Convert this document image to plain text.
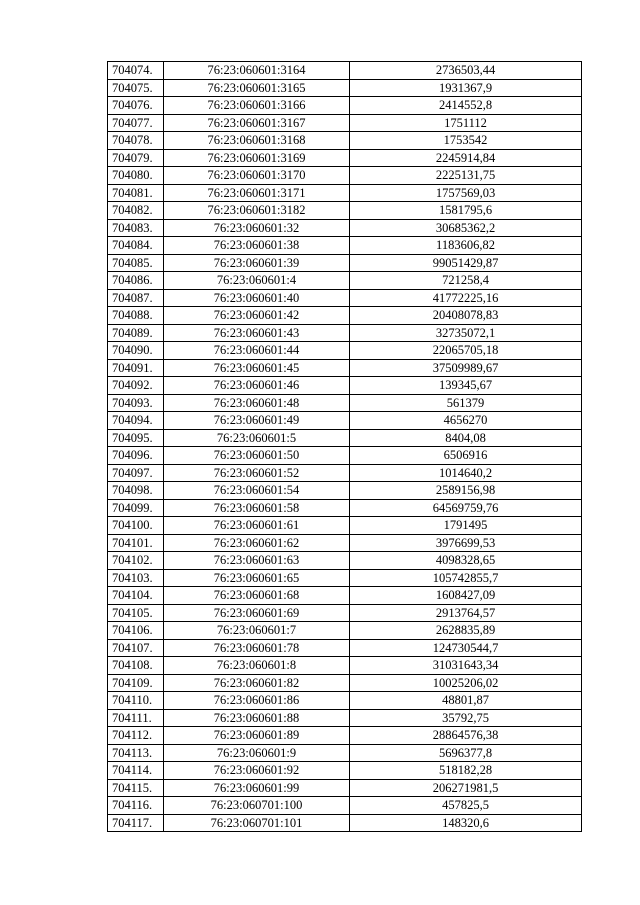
704074.	76:23:060601:3164	2736503,44
704075.	76:23:060601:3165	1931367,9
704076.	76:23:060601:3166	2414552,8
704077.	76:23:060601:3167	1751112
704078.	76:23:060601:3168	1753542
704079.	76:23:060601:3169	2245914,84
704080.	76:23:060601:3170	2225131,75
704081.	76:23:060601:3171	1757569,03
704082.	76:23:060601:3182	1581795,6
704083.	76:23:060601:32	30685362,2
704084.	76:23:060601:38	1183606,82
704085.	76:23:060601:39	99051429,87
704086.	76:23:060601:4	721258,4
704087.	76:23:060601:40	41772225,16
704088.	76:23:060601:42	20408078,83
704089.	76:23:060601:43	32735072,1
704090.	76:23:060601:44	22065705,18
704091.	76:23:060601:45	37509989,67
704092.	76:23:060601:46	139345,67
704093.	76:23:060601:48	561379
704094.	76:23:060601:49	4656270
704095.	76:23:060601:5	8404,08
704096.	76:23:060601:50	6506916
704097.	76:23:060601:52	1014640,2
704098.	76:23:060601:54	2589156,98
704099.	76:23:060601:58	64569759,76
704100.	76:23:060601:61	1791495
704101.	76:23:060601:62	3976699,53
704102.	76:23:060601:63	4098328,65
704103.	76:23:060601:65	105742855,7
704104.	76:23:060601:68	1608427,09
704105.	76:23:060601:69	2913764,57
704106.	76:23:060601:7	2628835,89
704107.	76:23:060601:78	124730544,7
704108.	76:23:060601:8	31031643,34
704109.	76:23:060601:82	10025206,02
704110.	76:23:060601:86	48801,87
704111.	76:23:060601:88	35792,75
704112.	76:23:060601:89	28864576,38
704113.	76:23:060601:9	5696377,8
704114.	76:23:060601:92	518182,28
704115.	76:23:060601:99	206271981,5
704116.	76:23:060701:100	457825,5
704117.	76:23:060701:101	148320,6
